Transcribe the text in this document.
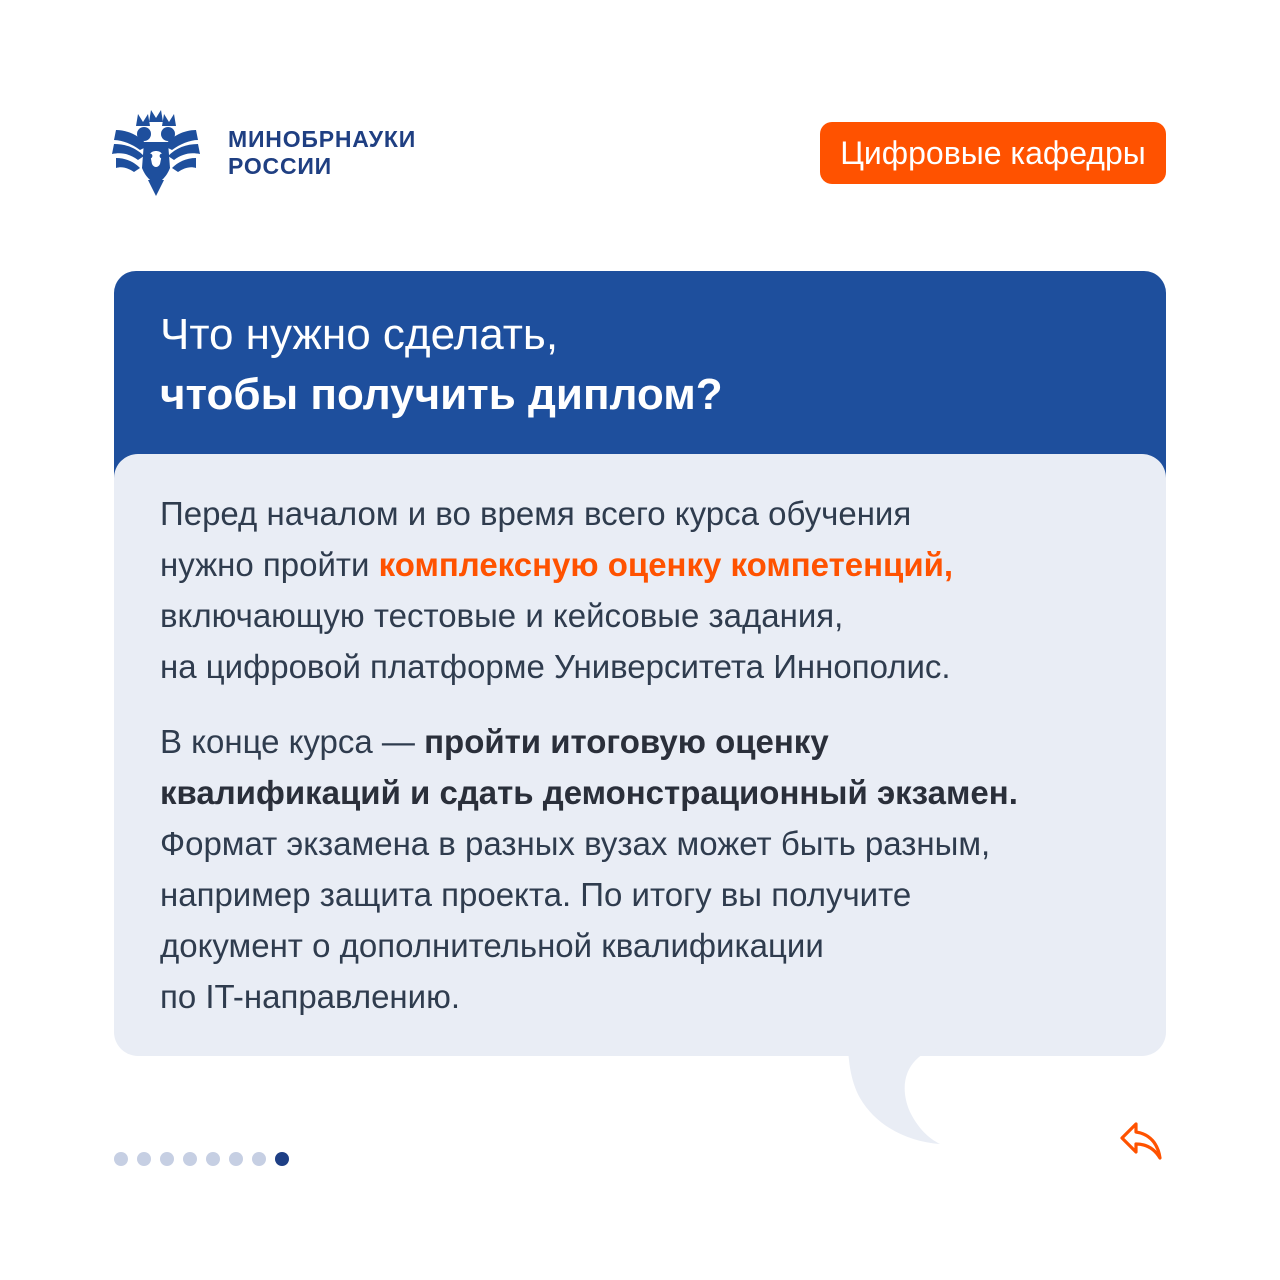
МИНОБРНАУКИ
РОССИИ	Цифровые кафедры
Что нужно сделать,
чтобы получить диплом?

Перед началом и во время всего курса обучения
нужно пройти комплексную оценку компетенций,
включающую тестовые и кейсовые задания,
на цифровой платформе Университета Иннополис.

В конце курса — пройти итоговую оценку
квалификаций и сдать демонстрационный экзамен.
Формат экзамена в разных вузах может быть разным,
например защита проекта. По итогу вы получите
документ о дополнительной квалификации
по IT-направлению.
